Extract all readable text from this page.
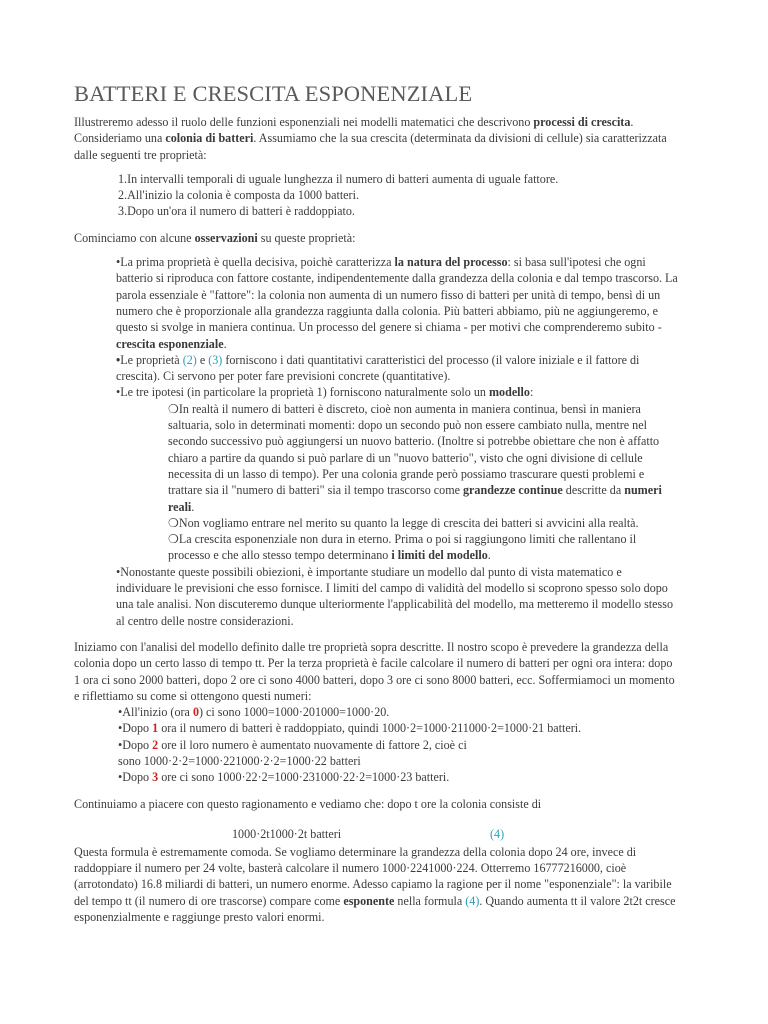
BATTERI E CRESCITA ESPONENZIALE

Illustreremo adesso il ruolo delle funzioni esponenziali nei modelli matematici che descrivono processi di crescita. Consideriamo una colonia di batteri. Assumiamo che la sua crescita (determinata da divisioni di cellule) sia caratterizzata dalle seguenti tre proprietà:

1.In intervalli temporali di uguale lunghezza il numero di batteri aumenta di uguale fattore.

2.All'inizio la colonia è composta da 1000 batteri.

3.Dopo un'ora il numero di batteri è raddoppiato.

Cominciamo con alcune osservazioni su queste proprietà:

•La prima proprietà è quella decisiva, poichè caratterizza la natura del processo: si basa sull'ipotesi che ogni batterio si riproduca con fattore costante, indipendentemente dalla grandezza della colonia e dal tempo trascorso. La parola essenziale è "fattore": la colonia non aumenta di un numero fisso di batteri per unità di tempo, bensì di un numero che è proporzionale alla grandezza raggiunta dalla colonia. Più batteri abbiamo, più ne aggiungeremo, e questo si svolge in maniera continua. Un processo del genere si chiama - per motivi che comprenderemo subito - crescita esponenziale.

•Le proprietà (2) e (3) forniscono i dati quantitativi caratteristici del processo (il valore iniziale e il fattore di crescita). Ci servono per poter fare previsioni concrete (quantitative).

•Le tre ipotesi (in particolare la proprietà 1) forniscono naturalmente solo un modello:

❍In realtà il numero di batteri è discreto, cioè non aumenta in maniera continua, bensì in maniera saltuaria, solo in determinati momenti: dopo un secondo può non essere cambiato nulla, mentre nel secondo successivo può aggiungersi un nuovo batterio. (Inoltre si potrebbe obiettare che non è affatto chiaro a partire da quando si può parlare di un "nuovo batterio", visto che ogni divisione di cellule necessita di un lasso di tempo). Per una colonia grande però possiamo trascurare questi problemi e trattare sia il "numero di batteri" sia il tempo trascorso come grandezze continue descritte da numeri reali.

❍Non vogliamo entrare nel merito su quanto la legge di crescita dei batteri si avvicini alla realtà.

❍La crescita esponenziale non dura in eterno. Prima o poi si raggiungono limiti che rallentano il processo e che allo stesso tempo determinano i limiti del modello.

•Nonostante queste possibili obiezioni, è importante studiare un modello dal punto di vista matematico e individuare le previsioni che esso fornisce. I limiti del campo di validità del modello si scoprono spesso solo dopo una tale analisi. Non discuteremo dunque ulteriormente l'applicabilità del modello, ma metteremo il modello stesso al centro delle nostre considerazioni.

Iniziamo con l'analisi del modello definito dalle tre proprietà sopra descritte. Il nostro scopo è prevedere la grandezza della colonia dopo un certo lasso di tempo tt. Per la terza proprietà è facile calcolare il numero di batteri per ogni ora intera: dopo 1 ora ci sono 2000 batteri, dopo 2 ore ci sono 4000 batteri, dopo 3 ore ci sono 8000 batteri, ecc. Soffermiamoci un momento e riflettiamo su come si ottengono questi numeri:

•All'inizio (ora 0) ci sono 1000=1000·201000=1000·20.

•Dopo 1 ora il numero di batteri è raddoppiato, quindi 1000·2=1000·211000·2=1000·21 batteri.

•Dopo 2 ore il loro numero è aumentato nuovamente di fattore 2, cioè ci

sono 1000·2·2=1000·221000·2·2=1000·22 batteri

•Dopo 3 ore ci sono 1000·22·2=1000·231000·22·2=1000·23 batteri.

Continuiamo a piacere con questo ragionamento e vediamo che: dopo t ore la colonia consiste di

1000·2t1000·2t batteri	(4)

Questa formula è estremamente comoda. Se vogliamo determinare la grandezza della colonia dopo 24 ore, invece di raddoppiare il numero per 24 volte, basterà calcolare il numero 1000·2241000·224. Otterremo 16777216000, cioè (arrotondato) 16.8 miliardi di batteri, un numero enorme. Adesso capiamo la ragione per il nome "esponenziale": la varibile del tempo tt (il numero di ore trascorse) compare come esponente nella formula (4). Quando aumenta tt il valore 2t2t cresce esponenzialmente e raggiunge presto valori enormi.
